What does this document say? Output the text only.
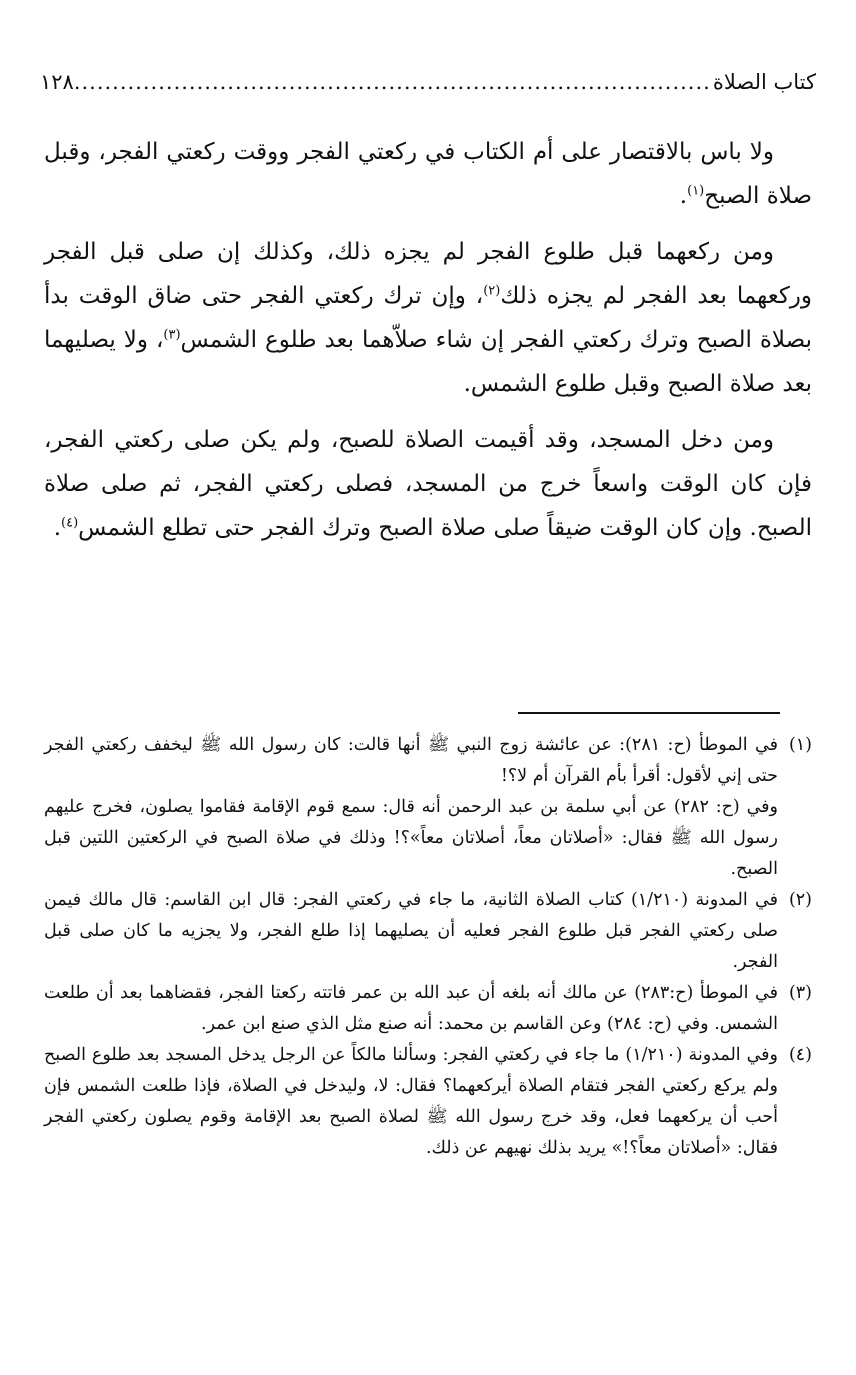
كتاب الصلاة
.....
١٢٨

ولا باس بالاقتصار على أم الكتاب في ركعتي الفجر ووقت ركعتي الفجر، وقبل صلاة الصبح$^{(١)}$.

ومن ركعهما قبل طلوع الفجر لم يجزه ذلك، وكذلك إن صلى قبل الفجر وركعهما بعد الفجر لم يجزه ذلك$^{(٢)}$، وإن ترك ركعتي الفجر حتى ضاق الوقت بدأ بصلاة الصبح وترك ركعتي الفجر إن شاء صلاّهما بعد طلوع الشمس$^{(٣)}$، ولا يصليهما بعد صلاة الصبح وقبل طلوع الشمس.

ومن دخل المسجد، وقد أقيمت الصلاة للصبح، ولم يكن صلى ركعتي الفجر، فإن كان الوقت واسعاً خرج من المسجد، فصلى ركعتي الفجر، ثم صلى صلاة الصبح. وإن كان الوقت ضيقاً صلى صلاة الصبح وترك الفجر حتى تطلع الشمس$^{(٤)}$.

(١)

في الموطأ (ح: ٢٨١): عن عائشة زوج النبي ﷺ أنها قالت: كان رسول الله ﷺ ليخفف ركعتي الفجر حتى إني لأقول: أقرأ بأم القرآن أم لا؟!

وفي (ح: ٢٨٢) عن أبي سلمة بن عبد الرحمن أنه قال: سمع قوم الإقامة فقاموا يصلون، فخرج عليهم رسول الله ﷺ فقال: «أصلاتان معاً، أصلاتان معاً»؟! وذلك في صلاة الصبح في الركعتين اللتين قبل الصبح.

(٢)

في المدونة (١/٢١٠) كتاب الصلاة الثانية، ما جاء في ركعتي الفجر: قال ابن القاسم: قال مالك فيمن صلى ركعتي الفجر قبل طلوع الفجر فعليه أن يصليهما إذا طلع الفجر، ولا يجزيه ما كان صلى قبل الفجر.

(٣)

في الموطأ (ح:٢٨٣) عن مالك أنه بلغه أن عبد الله بن عمر فاتته ركعتا الفجر، فقضاهما بعد أن طلعت الشمس. وفي (ح: ٢٨٤) وعن القاسم بن محمد: أنه صنع مثل الذي صنع ابن عمر.

(٤)

وفي المدونة (١/٢١٠) ما جاء في ركعتي الفجر: وسألنا مالكاً عن الرجل يدخل المسجد بعد طلوع الصبح ولم يركع ركعتي الفجر فتقام الصلاة أيركعهما؟ فقال: لا، وليدخل في الصلاة، فإذا طلعت الشمس فإن أحب أن يركعهما فعل، وقد خرج رسول الله ﷺ لصلاة الصبح بعد الإقامة وقوم يصلون ركعتي الفجر فقال: «أصلاتان معاً؟!» يريد بذلك نهيهم عن ذلك.
